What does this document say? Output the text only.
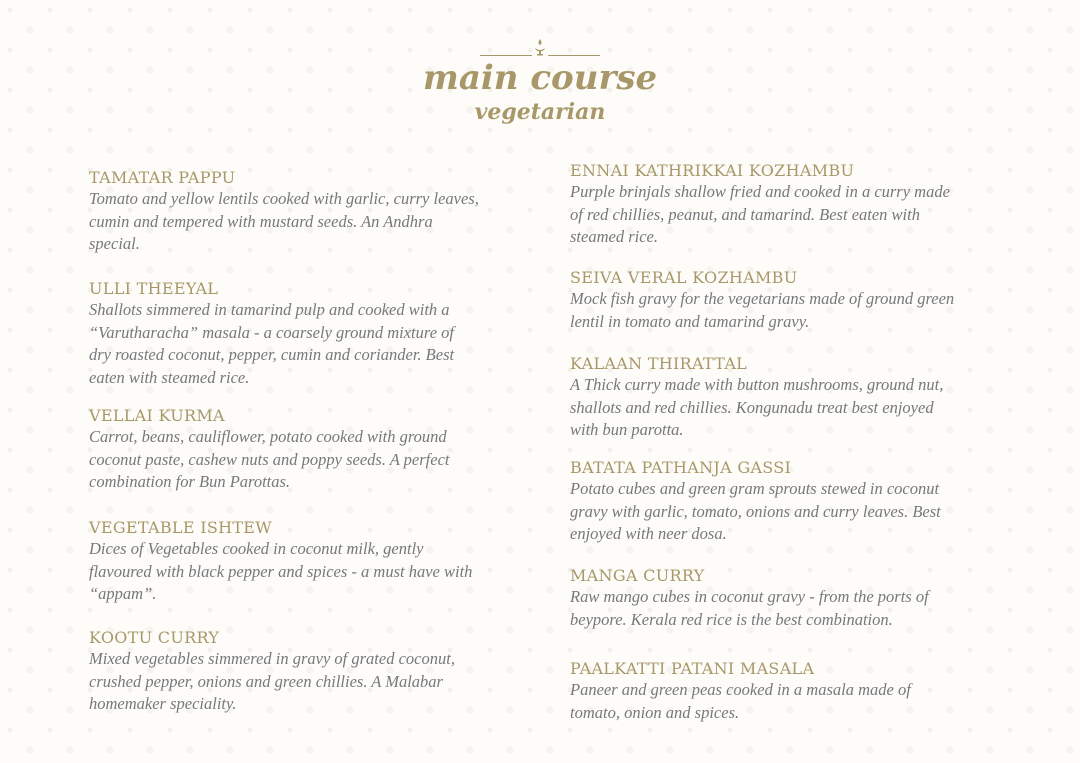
main course
vegetarian
TAMATAR PAPPU
Tomato and yellow lentils cooked with garlic, curry leaves, cumin and tempered with mustard seeds. An Andhra special.
ULLI THEEYAL
Shallots simmered in tamarind pulp and cooked with a “Varutharacha” masala - a coarsely ground mixture of dry roasted coconut, pepper, cumin and coriander. Best eaten with steamed rice.
VELLAI KURMA
Carrot, beans, cauliflower, potato cooked with ground coconut paste, cashew nuts and poppy seeds. A perfect combination for Bun Parottas.
VEGETABLE ISHTEW
Dices of Vegetables cooked in coconut milk, gently flavoured with black pepper and spices - a must have with “appam”.
KOOTU CURRY
Mixed vegetables simmered in gravy of grated coconut, crushed pepper, onions and green chillies. A Malabar homemaker speciality.
ENNAI KATHRIKKAI KOZHAMBU
Purple brinjals shallow fried and cooked in a curry made of red chillies, peanut, and tamarind. Best eaten with steamed rice.
SEIVA VERAL KOZHAMBU
Mock fish gravy for the vegetarians made of ground green lentil in tomato and tamarind gravy.
KALAAN THIRATTAL
A Thick curry made with button mushrooms, ground nut, shallots and red chillies. Kongunadu treat best enjoyed with bun parotta.
BATATA PATHANJA GASSI
Potato cubes and green gram sprouts stewed in coconut gravy with garlic, tomato, onions and curry leaves. Best enjoyed with neer dosa.
MANGA CURRY
Raw mango cubes in coconut gravy - from the ports of beypore. Kerala red rice is the best combination.
PAALKATTI PATANI MASALA
Paneer and green peas cooked in a masala made of tomato, onion and spices.
